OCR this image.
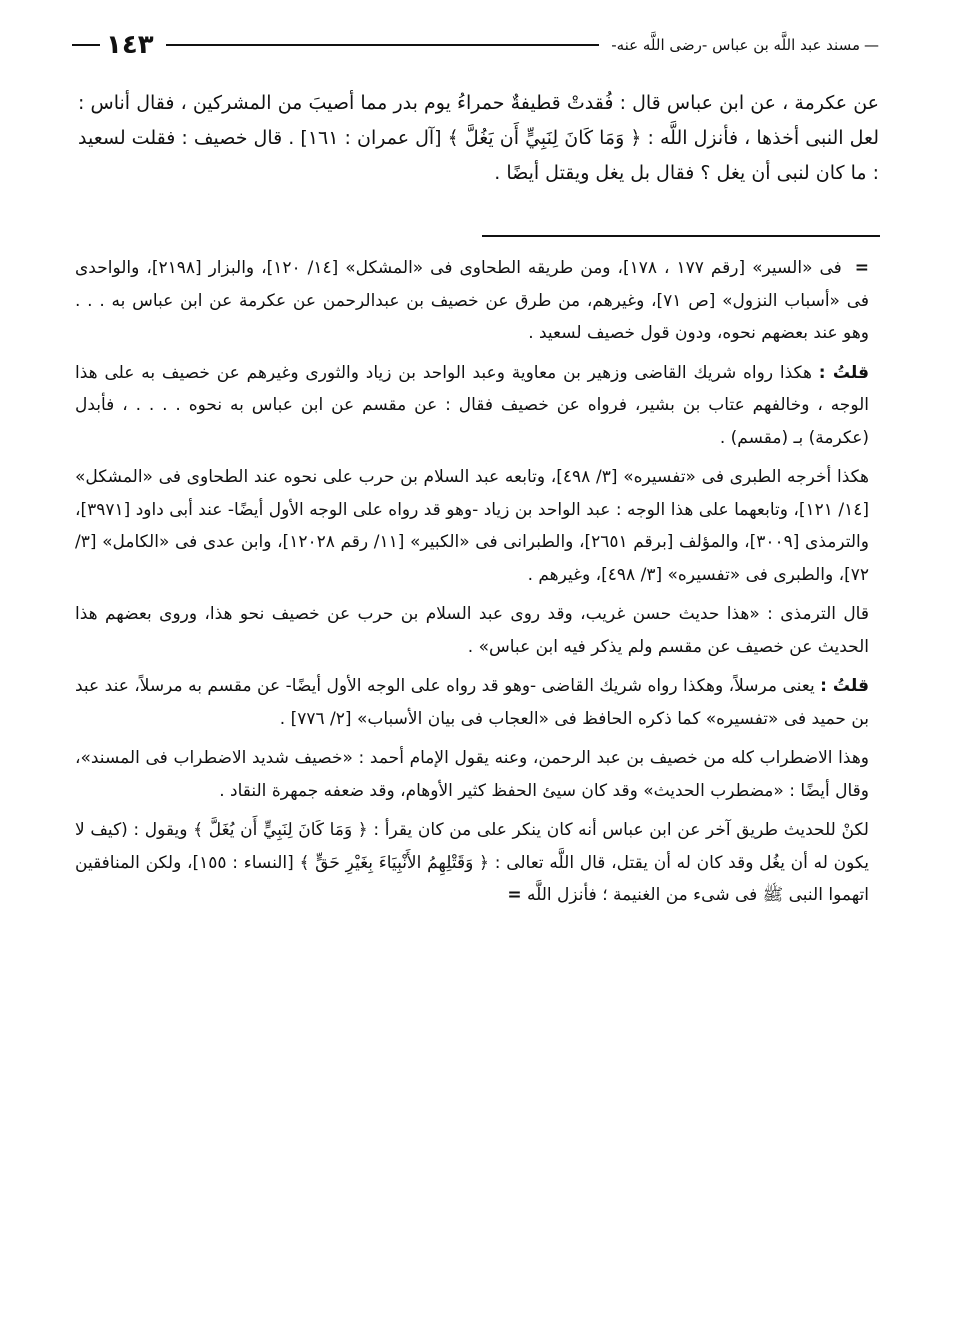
—
مسند عبد اللَّه بن عباس -رضى اللَّه عنه-
١٤٣
عن عكرمة ، عن ابن عباس قال : فُقدتْ قطيفةٌ حمراءُ يوم بدر مما أصيبَ من المشركين ، فقال أناس : لعل النبى أخذها ، فأنزل اللَّه : ﴿ وَمَا كَانَ لِنَبِيٍّ أَن يَغُلَّ ﴾ [آل عمران : ١٦١] . قال خصيف : فقلت لسعيد : ما كان لنبى أن يغل ؟ فقال بل يغل ويقتل أيضًا .

= فى «السير» [رقم ١٧٧ ، ١٧٨]، ومن طريقه الطحاوى فى «المشكل» [١٤/ ١٢٠]، والبزار [٢١٩٨]، والواحدى فى «أسباب النزول» [ص ٧١]، وغيرهم، من طرق عن خصيف بن عبدالرحمن عن عكرمة عن ابن عباس به . . . وهو عند بعضهم نحوه، ودون قول خصيف لسعيد .

قلتُ : هكذا رواه شريك القاضى وزهير بن معاوية وعبد الواحد بن زياد والثورى وغيرهم عن خصيف به على هذا الوجه ، وخالفهم عتاب بن بشير، فرواه عن خصيف فقال : عن مقسم عن ابن عباس به نحوه . . . . ، فأبدل (عكرمة) بـ (مقسم) .

هكذا أخرجه الطبرى فى «تفسيره» [٣/ ٤٩٨]، وتابعه عبد السلام بن حرب على نحوه عند الطحاوى فى «المشكل» [١٤/ ١٢١]، وتابعهما على هذا الوجه : عبد الواحد بن زياد -وهو قد رواه على الوجه الأول أيضًا- عند أبى داود [٣٩٧١]، والترمذى [٣٠٠٩]، والمؤلف [برقم ٢٦٥١]، والطبرانى فى «الكبير» [١١/ رقم ١٢٠٢٨]، وابن عدى فى «الكامل» [٣/ ٧٢]، والطبرى فى «تفسيره» [٣/ ٤٩٨]، وغيرهم .

قال الترمذى : «هذا حديث حسن غريب، وقد روى عبد السلام بن حرب عن خصيف نحو هذا، وروى بعضهم هذا الحديث عن خصيف عن مقسم ولم يذكر فيه ابن عباس» .

قلتُ : يعنى مرسلاً، وهكذا رواه شريك القاضى -وهو قد رواه على الوجه الأول أيضًا- عن مقسم به مرسلاً، عند عبد بن حميد فى «تفسيره» كما ذكره الحافظ فى «العجاب فى بيان الأسباب» [٢/ ٧٧٦] .

وهذا الاضطراب كله من خصيف بن عبد الرحمن، وعنه يقول الإمام أحمد : «خصيف شديد الاضطراب فى المسند»، وقال أيضًا : «مضطرب الحديث» وقد كان سيئ الحفظ كثير الأوهام، وقد ضعفه جمهرة النقاد .

لكنْ للحديث طريق آخر عن ابن عباس أنه كان ينكر على من كان يقرأ : ﴿ وَمَا كَانَ لِنَبِيٍّ أَن يُغَلَّ ﴾ ويقول : (كيف لا يكون له أن يغُل وقد كان له أن يقتل، قال اللَّه تعالى : ﴿ وَقَتْلِهِمُ الأَنْبِيَاءَ بِغَيْرِ حَقٍّ ﴾ [النساء : ١٥٥]، ولكن المنافقين اتهموا النبى ﷺ فى شىء من الغنيمة ؛ فأنزل اللَّه =
